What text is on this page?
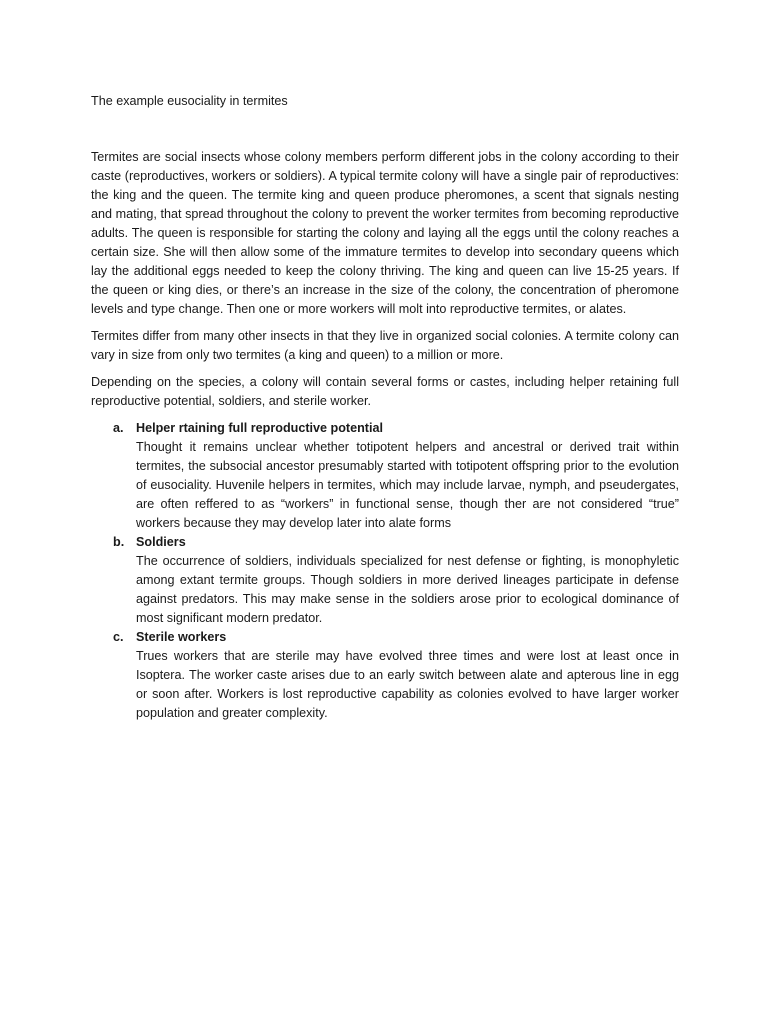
The example eusociality in termites

Termites are social insects whose colony members perform different jobs in the colony according to their caste (reproductives, workers or soldiers). A typical termite colony will have a single pair of reproductives: the king and the queen. The termite king and queen produce pheromones, a scent that signals nesting and mating, that spread throughout the colony to prevent the worker termites from becoming reproductive adults. The queen is responsible for starting the colony and laying all the eggs until the colony reaches a certain size. She will then allow some of the immature termites to develop into secondary queens which lay the additional eggs needed to keep the colony thriving. The king and queen can live 15-25 years. If the queen or king dies, or there’s an increase in the size of the colony, the concentration of pheromone levels and type change. Then one or more workers will molt into reproductive termites, or alates.

Termites differ from many other insects in that they live in organized social colonies. A termite colony can vary in size from only two termites (a king and queen) to a million or more.

Depending on the species, a colony will contain several forms or castes, including helper retaining full reproductive potential, soldiers, and sterile worker.

a. Helper rtaining full reproductive potential
Thought it remains unclear whether totipotent helpers and ancestral or derived trait within termites, the subsocial ancestor presumably started with totipotent offspring prior to the evolution of eusociality. Huvenile helpers in termites, which may include larvae, nymph, and pseudergates, are often reffered to as “workers” in functional sense, though ther are not considered “true” workers because they may develop later into alate forms
b. Soldiers
The occurrence of soldiers, individuals specialized for nest defense or fighting, is monophyletic among extant termite groups. Though soldiers in more derived lineages participate in defense against predators. This may make sense in the soldiers arose prior to ecological dominance of most significant modern predator.
c. Sterile workers
Trues workers that are sterile may have evolved three times and were lost at least once in Isoptera. The worker caste arises due to an early switch between alate and apterous line in egg or soon after. Workers is lost reproductive capability as colonies evolved to have larger worker population and greater complexity.
